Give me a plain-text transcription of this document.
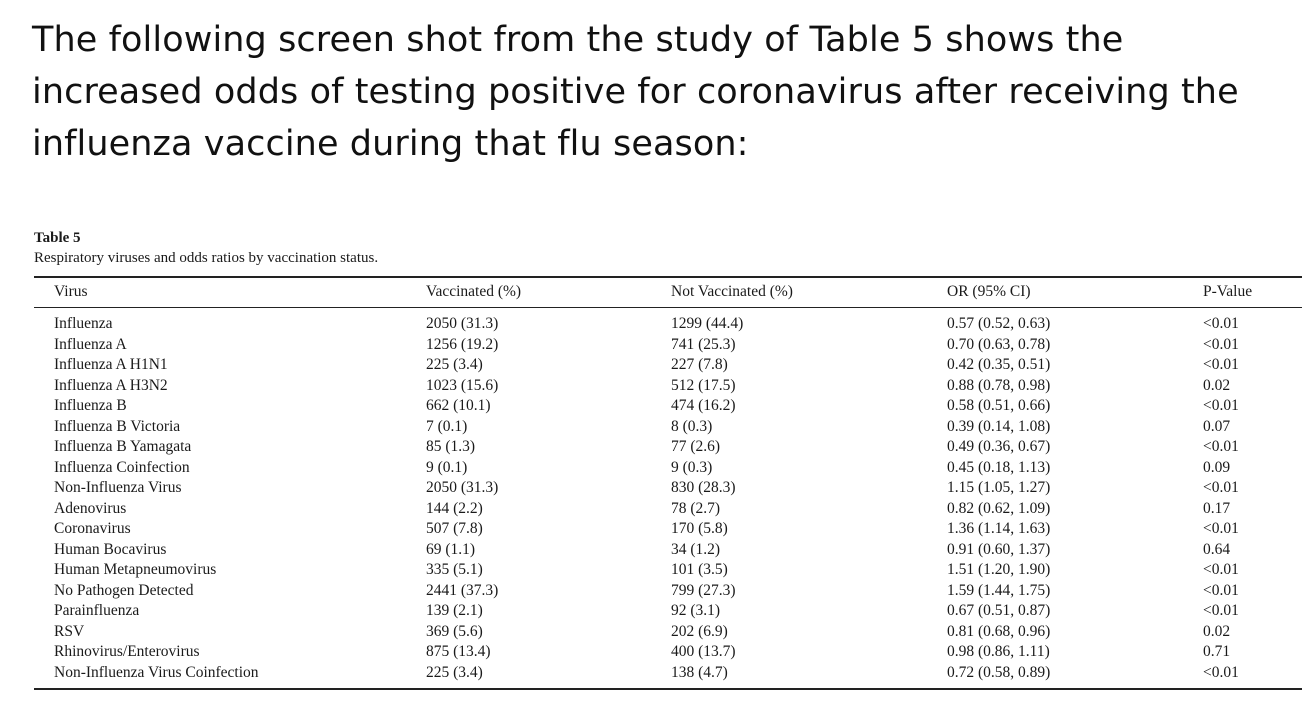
The following screen shot from the study of Table 5 shows the increased odds of testing positive for coronavirus after receiving the influenza vaccine during that flu season:

Table 5

Respiratory viruses and odds ratios by vaccination status.

Virus	Vaccinated (%)	Not Vaccinated (%)	OR (95% CI)	P-Value
Influenza	2050 (31.3)	1299 (44.4)	0.57 (0.52, 0.63)	<0.01
Influenza A	1256 (19.2)	741 (25.3)	0.70 (0.63, 0.78)	<0.01
Influenza A H1N1	225 (3.4)	227 (7.8)	0.42 (0.35, 0.51)	<0.01
Influenza A H3N2	1023 (15.6)	512 (17.5)	0.88 (0.78, 0.98)	0.02
Influenza B	662 (10.1)	474 (16.2)	0.58 (0.51, 0.66)	<0.01
Influenza B Victoria	7 (0.1)	8 (0.3)	0.39 (0.14, 1.08)	0.07
Influenza B Yamagata	85 (1.3)	77 (2.6)	0.49 (0.36, 0.67)	<0.01
Influenza Coinfection	9 (0.1)	9 (0.3)	0.45 (0.18, 1.13)	0.09
Non-Influenza Virus	2050 (31.3)	830 (28.3)	1.15 (1.05, 1.27)	<0.01
Adenovirus	144 (2.2)	78 (2.7)	0.82 (0.62, 1.09)	0.17
Coronavirus	507 (7.8)	170 (5.8)	1.36 (1.14, 1.63)	<0.01
Human Bocavirus	69 (1.1)	34 (1.2)	0.91 (0.60, 1.37)	0.64
Human Metapneumovirus	335 (5.1)	101 (3.5)	1.51 (1.20, 1.90)	<0.01
No Pathogen Detected	2441 (37.3)	799 (27.3)	1.59 (1.44, 1.75)	<0.01
Parainfluenza	139 (2.1)	92 (3.1)	0.67 (0.51, 0.87)	<0.01
RSV	369 (5.6)	202 (6.9)	0.81 (0.68, 0.96)	0.02
Rhinovirus/Enterovirus	875 (13.4)	400 (13.7)	0.98 (0.86, 1.11)	0.71
Non-Influenza Virus Coinfection	225 (3.4)	138 (4.7)	0.72 (0.58, 0.89)	<0.01
